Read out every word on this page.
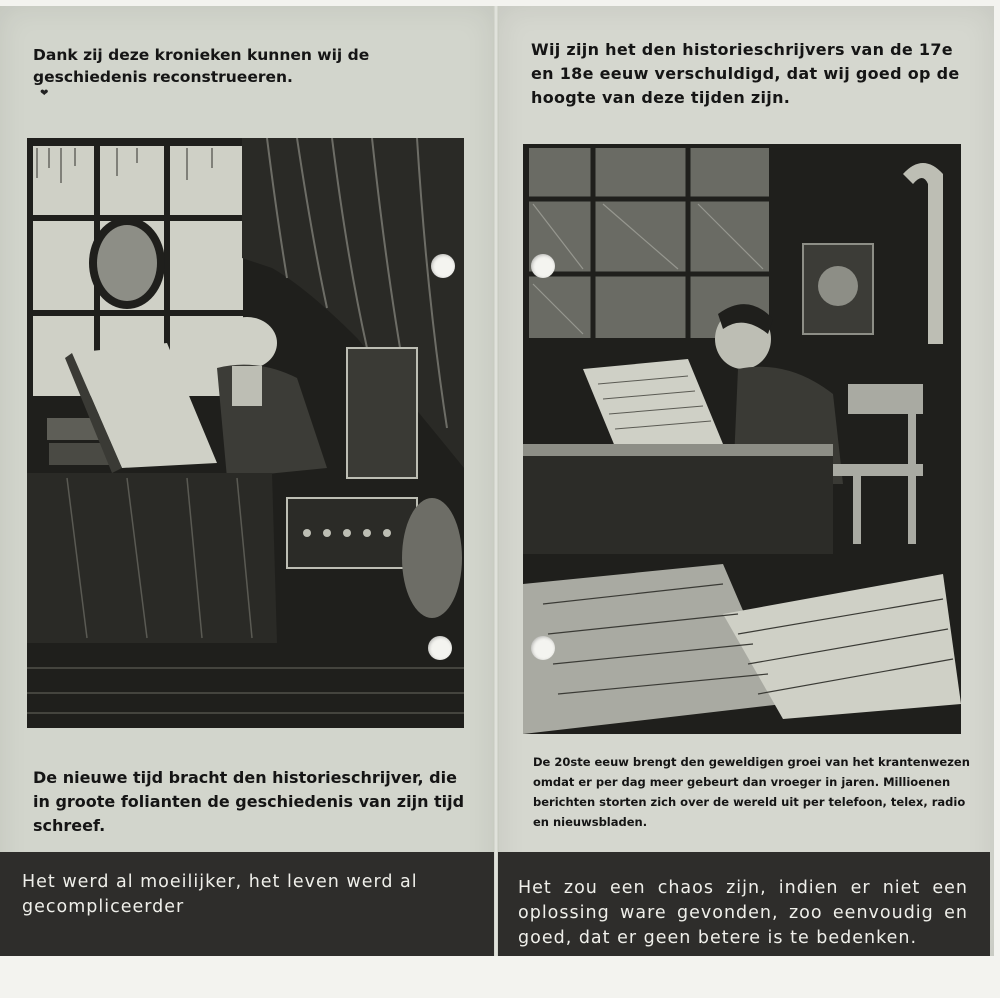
Dank zij deze kronieken kunnen wij de geschiedenis reconstrueeren.

❤

Wij zijn het den historieschrijvers van de 17e en 18e eeuw verschuldigd, dat wij goed op de hoogte van deze tijden zijn.

De nieuwe tijd bracht den historieschrijver, die in groote folianten de geschiedenis van zijn tijd schreef.

De 20ste eeuw brengt den geweldigen groei van het krantenwezen omdat er per dag meer gebeurt dan vroeger in jaren. Millioenen berichten storten zich over de wereld uit per telefoon, telex, radio en nieuwsbladen.

Het werd al moeilijker, het leven werd al gecompliceerder

Het zou een chaos zijn, indien er niet een oplossing ware gevonden, zoo eenvoudig en goed, dat er geen betere is te bedenken.
